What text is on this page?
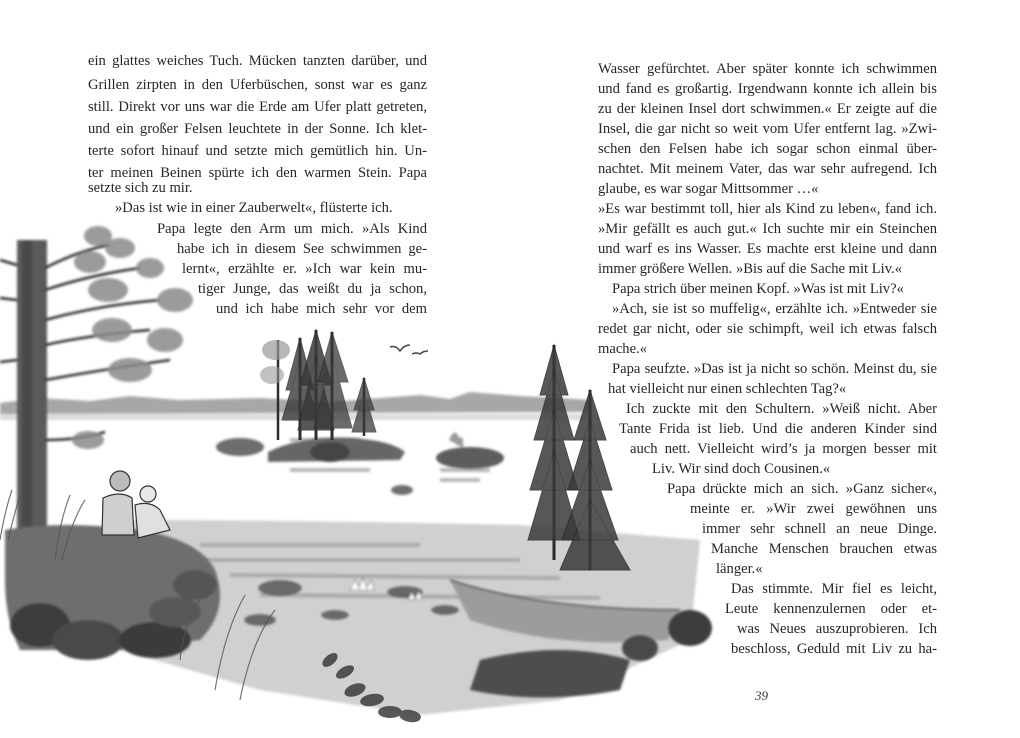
ein glattes weiches Tuch. Mücken tanzten darüber, und
Grillen zirpten in den Uferbüschen, sonst war es ganz
still. Direkt vor uns war die Erde am Ufer platt getreten,
und ein großer Felsen leuchtete in der Sonne. Ich klet-
terte sofort hinauf und setzte mich gemütlich hin. Un-
ter meinen Beinen spürte ich den warmen Stein. Papa
setzte sich zu mir.
»Das ist wie in einer Zauberwelt«, flüsterte ich.
Papa legte den Arm um mich. »Als Kind
habe ich in diesem See schwimmen ge-
lernt«, erzählte er. »Ich war kein mu-
tiger Junge, das weißt du ja schon,
und ich habe mich sehr vor dem
Wasser gefürchtet. Aber später konnte ich schwimmen
und fand es großartig. Irgendwann konnte ich allein bis
zu der kleinen Insel dort schwimmen.« Er zeigte auf die
Insel, die gar nicht so weit vom Ufer entfernt lag. »Zwi-
schen den Felsen habe ich sogar schon einmal über-
nachtet. Mit meinem Vater, das war sehr aufregend. Ich
glaube, es war sogar Mittsommer …«
»Es war bestimmt toll, hier als Kind zu leben«, fand ich.
»Mir gefällt es auch gut.« Ich suchte mir ein Steinchen
und warf es ins Wasser. Es machte erst kleine und dann
immer größere Wellen. »Bis auf die Sache mit Liv.«
Papa strich über meinen Kopf. »Was ist mit Liv?«
»Ach, sie ist so muffelig«, erzählte ich. »Entweder sie
redet gar nicht, oder sie schimpft, weil ich etwas falsch
mache.«
Papa seufzte. »Das ist ja nicht so schön. Meinst du, sie
hat vielleicht nur einen schlechten Tag?«
Ich zuckte mit den Schultern. »Weiß nicht. Aber
Tante Frida ist lieb. Und die anderen Kinder sind
auch nett. Vielleicht wird’s ja morgen besser mit
Liv. Wir sind doch Cousinen.«
Papa drückte mich an sich. »Ganz sicher«,
meinte er. »Wir zwei gewöhnen uns
immer sehr schnell an neue Dinge.
Manche Menschen brauchen etwas
länger.«
Das stimmte. Mir fiel es leicht,
Leute kennenzulernen oder et-
was Neues auszuprobieren. Ich
beschloss, Geduld mit Liv zu ha-
39
